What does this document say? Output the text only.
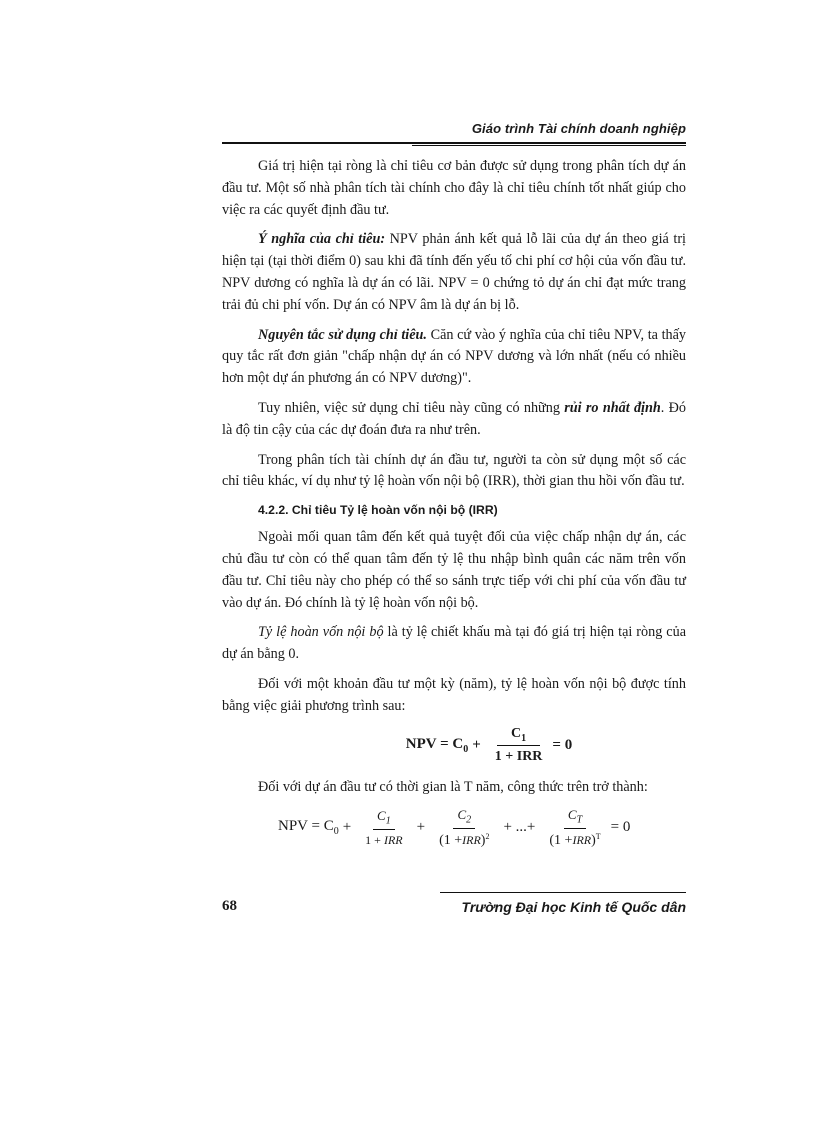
Giáo trình Tài chính doanh nghiệp

Giá trị hiện tại ròng là chỉ tiêu cơ bản được sử dụng trong phân tích dự án đầu tư. Một số nhà phân tích tài chính cho đây là chỉ tiêu chính tốt nhất giúp cho việc ra các quyết định đầu tư.

Ý nghĩa của chỉ tiêu: NPV phản ánh kết quả lỗ lãi của dự án theo giá trị hiện tại (tại thời điểm 0) sau khi đã tính đến yếu tố chi phí cơ hội của vốn đầu tư. NPV dương có nghĩa là dự án có lãi. NPV = 0 chứng tỏ dự án chỉ đạt mức trang trải đủ chi phí vốn. Dự án có NPV âm là dự án bị lỗ.

Nguyên tắc sử dụng chỉ tiêu. Căn cứ vào ý nghĩa của chỉ tiêu NPV, ta thấy quy tắc rất đơn giản "chấp nhận dự án có NPV dương và lớn nhất (nếu có nhiều hơn một dự án phương án có NPV dương)".

Tuy nhiên, việc sử dụng chỉ tiêu này cũng có những rủi ro nhất định. Đó là độ tin cậy của các dự đoán đưa ra như trên.

Trong phân tích tài chính dự án đầu tư, người ta còn sử dụng một số các chỉ tiêu khác, ví dụ như tỷ lệ hoàn vốn nội bộ (IRR), thời gian thu hồi vốn đầu tư.

4.2.2. Chỉ tiêu Tỷ lệ hoàn vốn nội bộ (IRR)

Ngoài mối quan tâm đến kết quả tuyệt đối của việc chấp nhận dự án, các chủ đầu tư còn có thể quan tâm đến tỷ lệ thu nhập bình quân các năm trên vốn đầu tư. Chỉ tiêu này cho phép có thể so sánh trực tiếp với chi phí của vốn đầu tư vào dự án. Đó chính là tỷ lệ hoàn vốn nội bộ.

Tỷ lệ hoàn vốn nội bộ là tỷ lệ chiết khấu mà tại đó giá trị hiện tại ròng của dự án bằng 0.

Đối với một khoản đầu tư một kỳ (năm), tỷ lệ hoàn vốn nội bộ được tính bằng việc giải phương trình sau:

NPV = $C_0 + \frac{C_1}{\text{1 + IRR}} = 0$

Đối với dự án đầu tư có thời gian là T năm, công thức trên trở thành:

NPV = $C_0 + \frac{C_1}{\text{1 + IRR}} + \frac{C_2}{(1 +IRR)^2}$ + ...+ $\frac{C_T}{(1 +IRR)^T} = 0$

68	Trường Đại học Kinh tế Quốc dân
